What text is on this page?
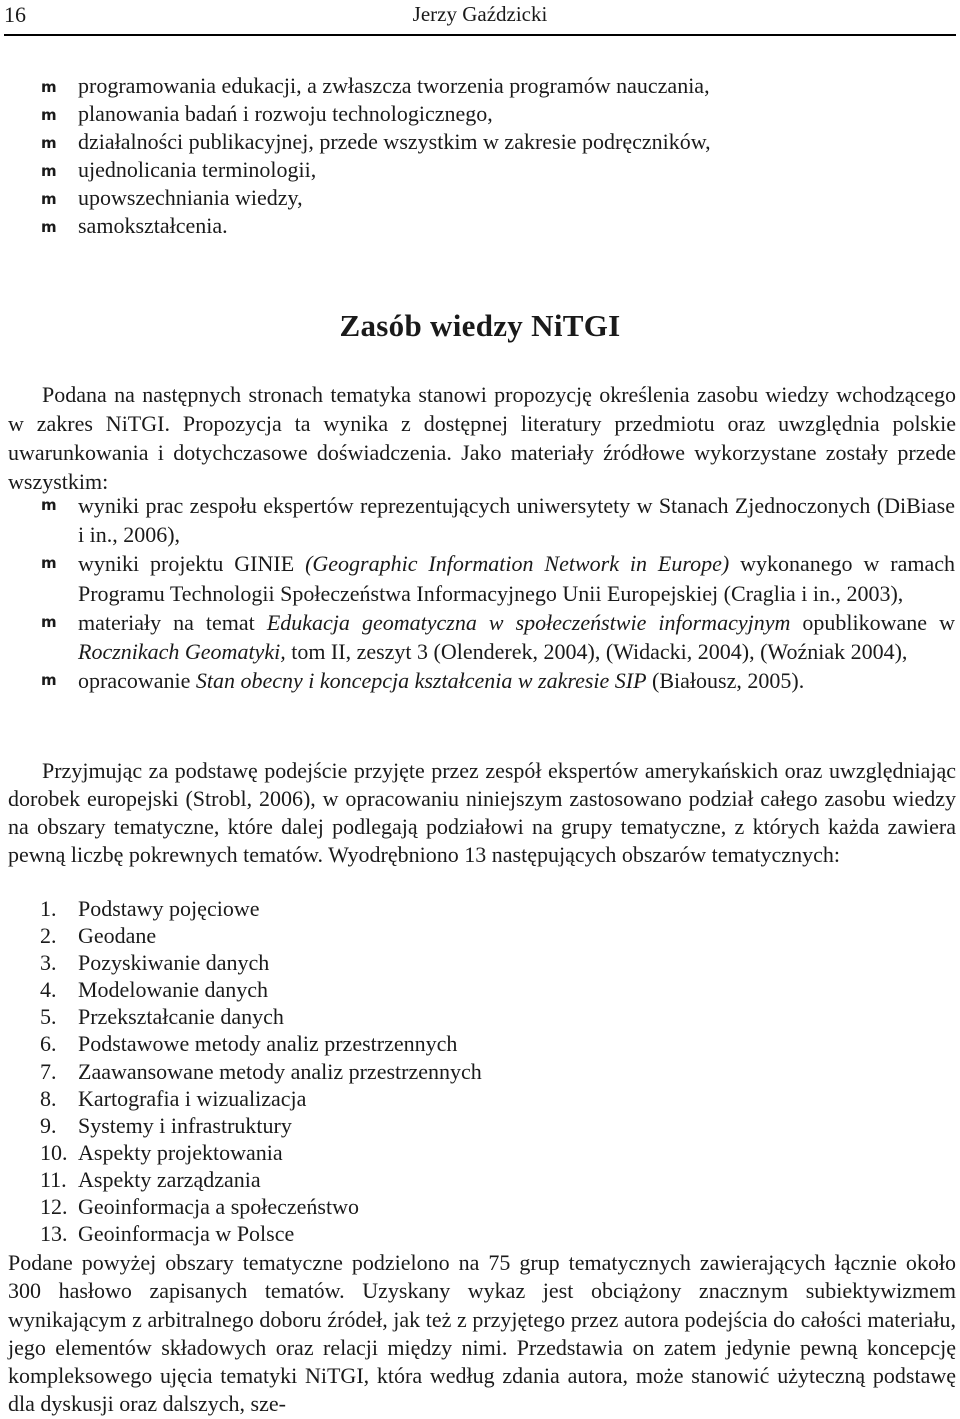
16	Jerzy Gaździcki
m programowania edukacji, a zwłaszcza tworzenia programów nauczania,
m planowania badań i rozwoju technologicznego,
m działalności publikacyjnej, przede wszystkim w zakresie podręczników,
m ujednolicania terminologii,
m upowszechniania wiedzy,
m samokształcenia.
Zasób wiedzy NiTGI

Podana na następnych stronach tematyka stanowi propozycję określenia zasobu wiedzy wchodzącego w zakres NiTGI. Propozycja ta wynika z dostępnej literatury przedmiotu oraz uwzględnia polskie uwarunkowania i dotychczasowe doświadczenia. Jako materiały źródłowe wykorzystane zostały przede wszystkim:

m wyniki prac zespołu ekspertów reprezentujących uniwersytety w Stanach Zjednoczonych (DiBiase i in., 2006),
m wyniki projektu GINIE (Geographic Information Network in Europe) wykonanego w ramach Programu Technologii Społeczeństwa Informacyjnego Unii Europejskiej (Craglia i in., 2003),
m materiały na temat Edukacja geomatyczna w społeczeństwie informacyjnym opublikowane w Rocznikach Geomatyki, tom II, zeszyt 3 (Olenderek, 2004), (Widacki, 2004), (Woźniak 2004),
m opracowanie Stan obecny i koncepcja kształcenia w zakresie SIP (Białousz, 2005).

Przyjmując za podstawę podejście przyjęte przez zespół ekspertów amerykańskich oraz uwzględniając dorobek europejski (Strobl, 2006), w opracowaniu niniejszym zastosowano podział całego zasobu wiedzy na obszary tematyczne, które dalej podlegają podziałowi na grupy tematyczne, z których każda zawiera pewną liczbę pokrewnych tematów. Wyodrębniono 13 następujących obszarów tematycznych:

1. Podstawy pojęciowe
2. Geodane
3. Pozyskiwanie danych
4. Modelowanie danych
5. Przekształcanie danych
6. Podstawowe metody analiz przestrzennych
7. Zaawansowane metody analiz przestrzennych
8. Kartografia i wizualizacja
9. Systemy i infrastruktury
10. Aspekty projektowania
11. Aspekty zarządzania
12. Geoinformacja a społeczeństwo
13. Geoinformacja w Polsce

Podane powyżej obszary tematyczne podzielono na 75 grup tematycznych zawierających łącznie około 300 hasłowo zapisanych tematów. Uzyskany wykaz jest obciążony znacznym subiektywizmem wynikającym z arbitralnego doboru źródeł, jak też z przyjętego przez autora podejścia do całości materiału, jego elementów składowych oraz relacji między nimi. Przedstawia on zatem jedynie pewną koncepcję kompleksowego ujęcia tematyki NiTGI, która według zdania autora, może stanowić użyteczną podstawę dla dyskusji oraz dalszych, sze-
